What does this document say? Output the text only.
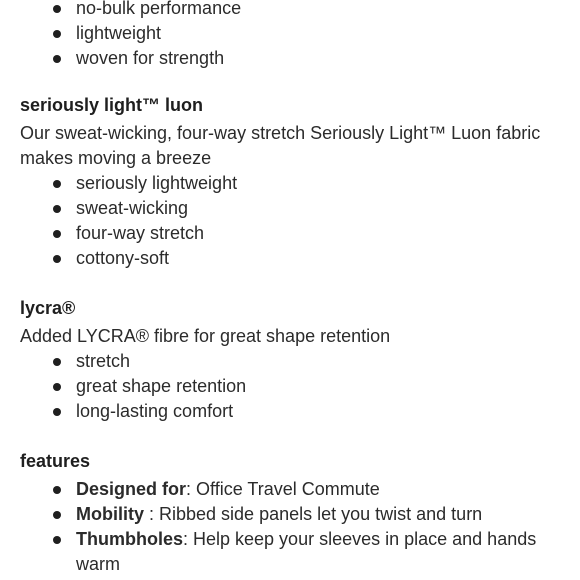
no-bulk performance
lightweight
woven for strength
seriously light™ luon

Our sweat-wicking, four-way stretch Seriously Light™ Luon fabric makes moving a breeze

seriously lightweight
sweat-wicking
four-way stretch
cottony-soft
lycra®

Added LYCRA® fibre for great shape retention

stretch
great shape retention
long-lasting comfort
features
Designed for: Office Travel Commute
Mobility : Ribbed side panels let you twist and turn
Thumbholes: Help keep your sleeves in place and hands warm
